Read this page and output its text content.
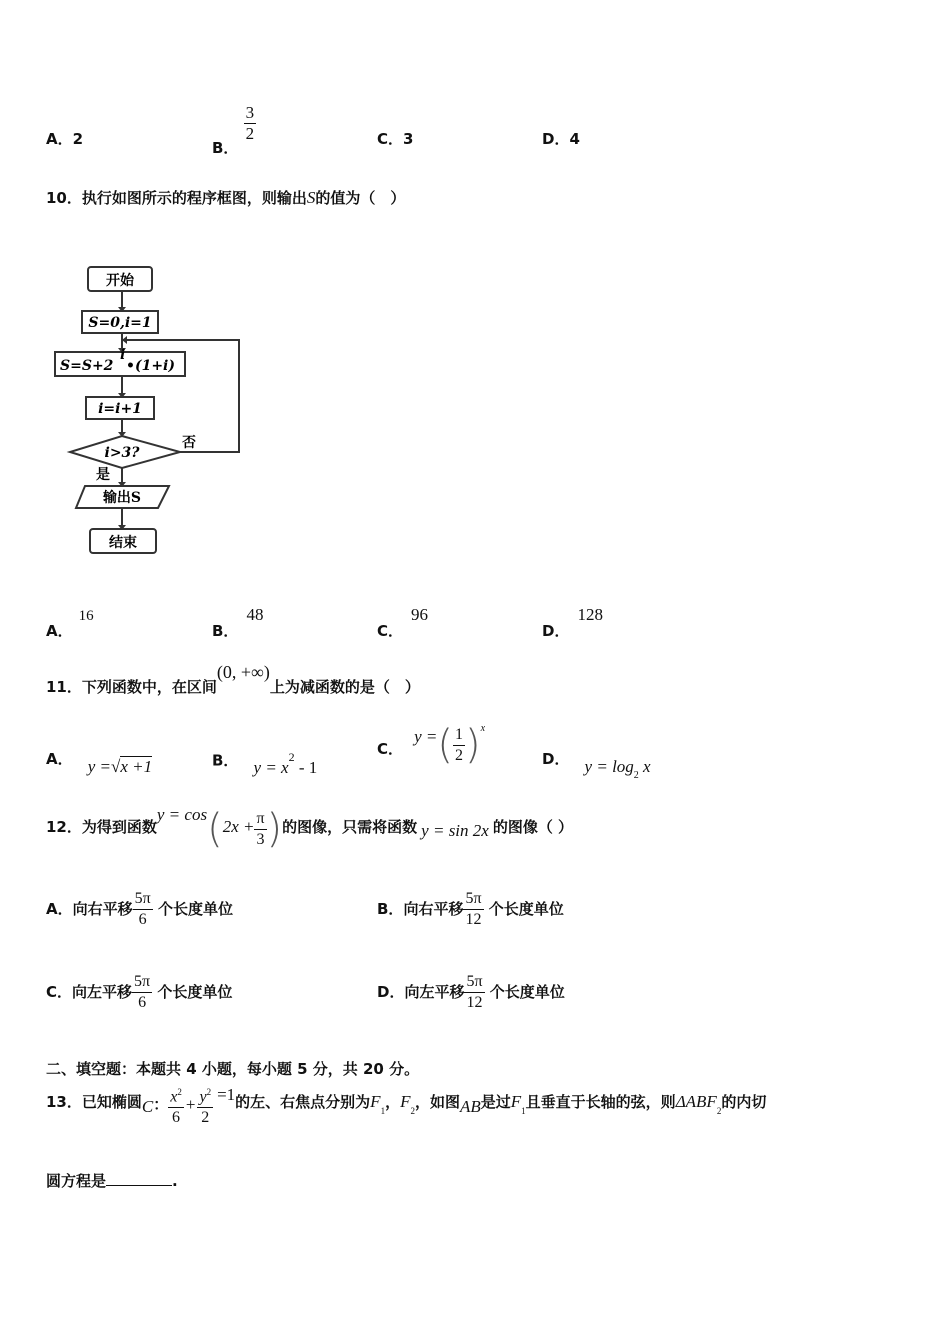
A．2	B．
$\frac{3}{2}$	C．3	D．4
10．执行如图所示的程序框图，则输出S的值为（　）
开始
S=0,i=1
S=S+2
i
•(1+i)
i=i+1
i>3?
否
是
输出S
结束
A．16
B．48
C．96
D．128
11．下列函数中，在区间(0, +∞)上为减函数的是（　）
A． y =√x +1	B． $y = x^2 - 1$
C． y =( $\frac{1}{2} )^x$
D． $y = \log_2 x$
12．为得到函数$y = \cos(2x + \frac{\pi}{3}$ )的图像，只需将函数 y = sin 2x 的图像（ ）
A．向右平移 $\frac{5\pi}{6}$ 个长度单位	B．向右平移 $\frac{5\pi}{12}$ 个长度单位
C．向左平移 $\frac{5\pi}{6}$ 个长度单位	D．向左平移 $\frac{5\pi}{12}$ 个长度单位
二、填空题：本题共 4 小题，每小题 5 分，共 20 分。
13．已知椭圆C： $\frac{x^2}{6} + \frac{y^2}{2} =1$的左、右焦点分别为$F_1$，$F_2$，如图AB是过$F_1$且垂直于长轴的弦，则$\Delta ABF_2$的内切
圆方程是	.
